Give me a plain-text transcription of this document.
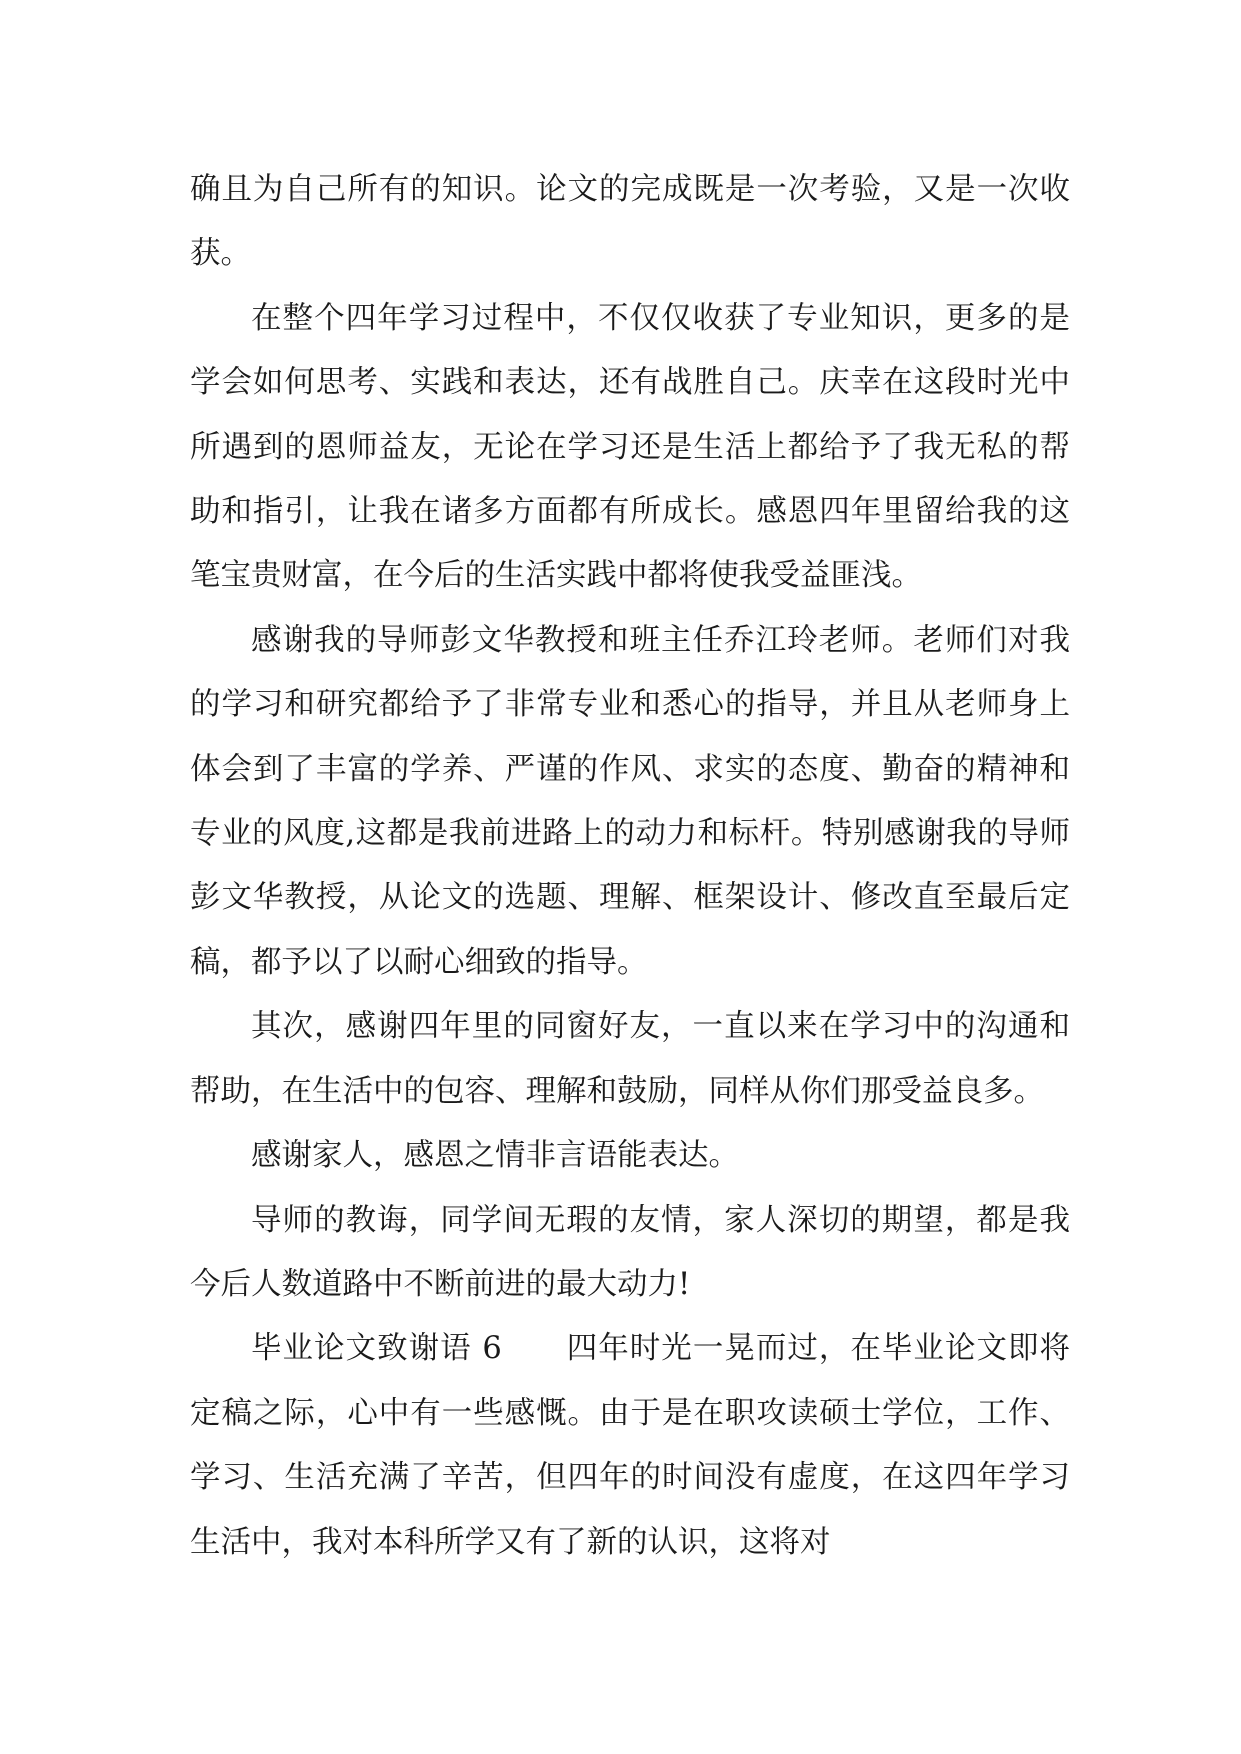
确且为自己所有的知识。论文的完成既是一次考验，又是一次收获。

在整个四年学习过程中，不仅仅收获了专业知识，更多的是学会如何思考、实践和表达，还有战胜自己。庆幸在这段时光中所遇到的恩师益友，无论在学习还是生活上都给予了我无私的帮助和指引，让我在诸多方面都有所成长。感恩四年里留给我的这笔宝贵财富，在今后的生活实践中都将使我受益匪浅。

感谢我的导师彭文华教授和班主任乔江玲老师。老师们对我的学习和研究都给予了非常专业和悉心的指导，并且从老师身上体会到了丰富的学养、严谨的作风、求实的态度、勤奋的精神和专业的风度,这都是我前进路上的动力和标杆。特别感谢我的导师彭文华教授，从论文的选题、理解、框架设计、修改直至最后定稿，都予以了以耐心细致的指导。

其次，感谢四年里的同窗好友，一直以来在学习中的沟通和帮助，在生活中的包容、理解和鼓励，同样从你们那受益良多。

感谢家人，感恩之情非言语能表达。

导师的教诲，同学间无瑕的友情，家人深切的期望，都是我今后人数道路中不断前进的最大动力!

毕业论文致谢语 6 四年时光一晃而过，在毕业论文即将定稿之际，心中有一些感慨。由于是在职攻读硕士学位，工作、学习、生活充满了辛苦，但四年的时间没有虚度，在这四年学习生活中，我对本科所学又有了新的认识，这将对
